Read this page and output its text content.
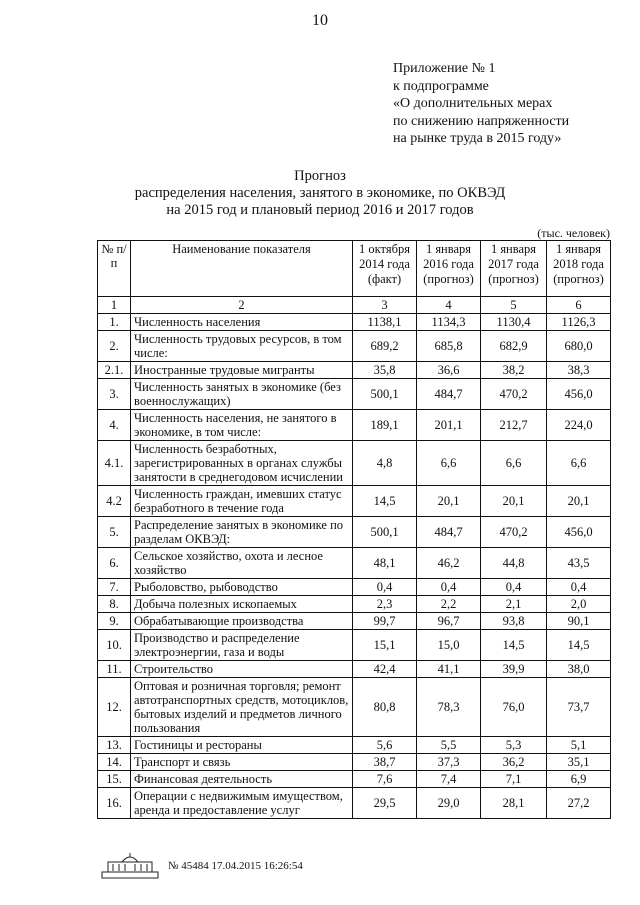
10
Приложение № 1
к подпрограмме
«О дополнительных мерах
по снижению напряженности
на рынке труда в 2015 году»
Прогноз
распределения населения, занятого в экономике, по ОКВЭД
на 2015 год и плановый период 2016 и 2017 годов
(тыс. человек)
№ п/п	Наименование показателя	1 октября 2014 года (факт)	1 января 2016 года (прогноз)	1 января 2017 года (прогноз)	1 января 2018 года (прогноз)
1	2	3	4	5	6
1.	Численность населения	1138,1	1134,3	1130,4	1126,3
2.	Численность трудовых ресурсов, в том числе:	689,2	685,8	682,9	680,0
2.1.	Иностранные трудовые мигранты	35,8	36,6	38,2	38,3
3.	Численность занятых в экономике (без военнослужащих)	500,1	484,7	470,2	456,0
4.	Численность населения, не занятого в экономике, в том числе:	189,1	201,1	212,7	224,0
4.1.	Численность безработных, зарегистрированных в органах службы занятости в среднегодовом исчислении	4,8	6,6	6,6	6,6
4.2	Численность граждан, имевших статус безработного в течение года	14,5	20,1	20,1	20,1
5.	Распределение занятых в экономике по разделам ОКВЭД:	500,1	484,7	470,2	456,0
6.	Сельское хозяйство, охота и лесное хозяйство	48,1	46,2	44,8	43,5
7.	Рыболовство, рыбоводство	0,4	0,4	0,4	0,4
8.	Добыча полезных ископаемых	2,3	2,2	2,1	2,0
9.	Обрабатывающие производства	99,7	96,7	93,8	90,1
10.	Производство и распределение электроэнергии, газа и воды	15,1	15,0	14,5	14,5
11.	Строительство	42,4	41,1	39,9	38,0
12.	Оптовая и розничная торговля; ремонт автотранспортных средств, мотоциклов, бытовых изделий и предметов личного пользования	80,8	78,3	76,0	73,7
13.	Гостиницы и рестораны	5,6	5,5	5,3	5,1
14.	Транспорт и связь	38,7	37,3	36,2	35,1
15.	Финансовая деятельность	7,6	7,4	7,1	6,9
16.	Операции с недвижимым имуществом, аренда и предоставление услуг	29,5	29,0	28,1	27,2
№ 45484 17.04.2015 16:26:54
